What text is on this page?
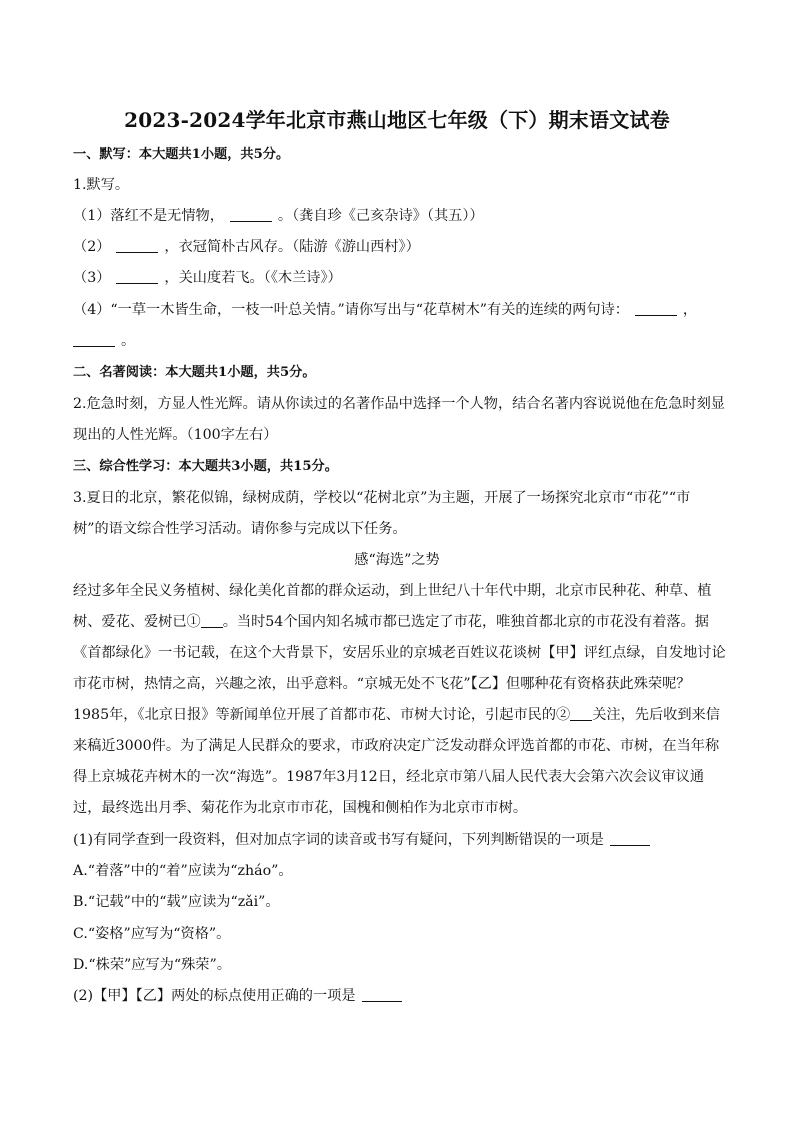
2023-2024学年北京市燕山地区七年级（下）期末语文试卷
一、默写：本大题共1小题，共5分。
1.默写。
（1）落红不是无情物，	。（龚自珍《己亥杂诗》（其五））
（2）	，衣冠简朴古风存。（陆游《游山西村》）
（3）	，关山度若飞。（《木兰诗》）
（4）“一草一木皆生命，一枝一叶总关情。”请你写出与“花草树木”有关的连续的两句诗：	，
。
二、名著阅读：本大题共1小题，共5分。
2.危急时刻，方显人性光辉。请从你读过的名著作品中选择一个人物，结合名著内容说说他在危急时刻显
现出的人性光辉。（100字左右）
三、综合性学习：本大题共3小题，共15分。
3.夏日的北京，繁花似锦，绿树成荫，学校以“花树北京”为主题，开展了一场探究北京市“市花”“市
树”的语文综合性学习活动。请你参与完成以下任务。
感“海选”之势
经过多年全民义务植树、绿化美化首都的群众运动，到上世纪八十年代中期，北京市民种花、种草、植
树、爱花、爱树已① 。当时54个国内知名城市都已选定了市花，唯独首都北京的市花没有着落。据
《首都绿化》一书记载，在这个大背景下，安居乐业的京城老百姓议花谈树【甲】评红点绿，自发地讨论
市花市树，热情之高，兴趣之浓，出乎意料。“京城无处不飞花”【乙】但哪种花有资格获此殊荣呢？
1985年，《北京日报》等新闻单位开展了首都市花、市树大讨论，引起市民的② 关注，先后收到来信
来稿近3000件。为了满足人民群众的要求，市政府决定广泛发动群众评选首都的市花、市树，在当年称
得上京城花卉树木的一次“海选”。1987年3月12日，经北京市第八届人民代表大会第六次会议审议通
过，最终选出月季、菊花作为北京市市花，国槐和侧柏作为北京市市树。
(1)有同学查到一段资料，但对加点字词的读音或书写有疑问，下列判断错误的一项是
A.“着落”中的“着”应读为“zháo”。
B.“记载”中的“载”应读为“zǎi”。
C.“姿格”应写为“资格”。
D.“株荣”应写为“殊荣”。
(2)【甲】【乙】两处的标点使用正确的一项是
